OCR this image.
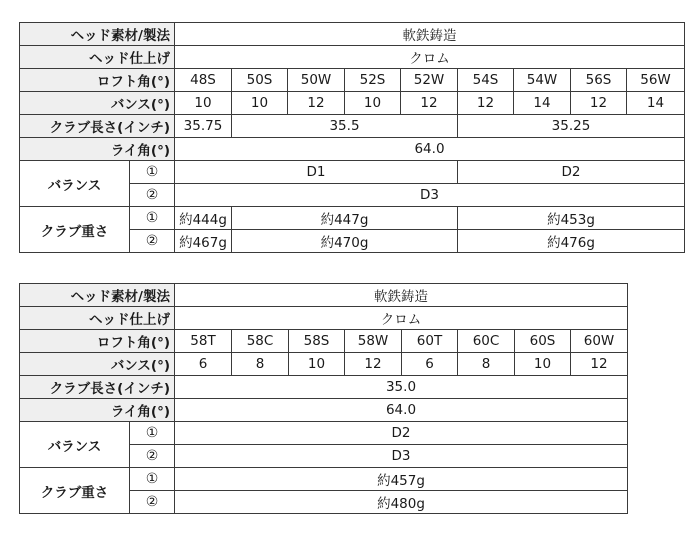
ヘッド素材/製法		軟鉄鋳造								
ヘッド仕上げ		クロム								
ロフト角(°)		48S	50S	50W	52S	52W	54S	54W	56S	56W
バンス(°)		10	10	12	10	12	12	14	12	14
クラブ長さ(インチ)		35.75	35.5				35.25			
ライ角(°)		64.0								
バランス	①	D1					D2			
	②	D3								
クラブ重さ	①	約444g	約447g				約453g			
	②	約467g	約470g				約476g			
ヘッド素材/製法		軟鉄鋳造							
ヘッド仕上げ		クロム							
ロフト角(°)		58T	58C	58S	58W	60T	60C	60S	60W
バンス(°)		6	8	10	12	6	8	10	12
クラブ長さ(インチ)		35.0							
ライ角(°)		64.0							
バランス	①	D2							
	②	D3							
クラブ重さ	①	約457g							
	②	約480g							
